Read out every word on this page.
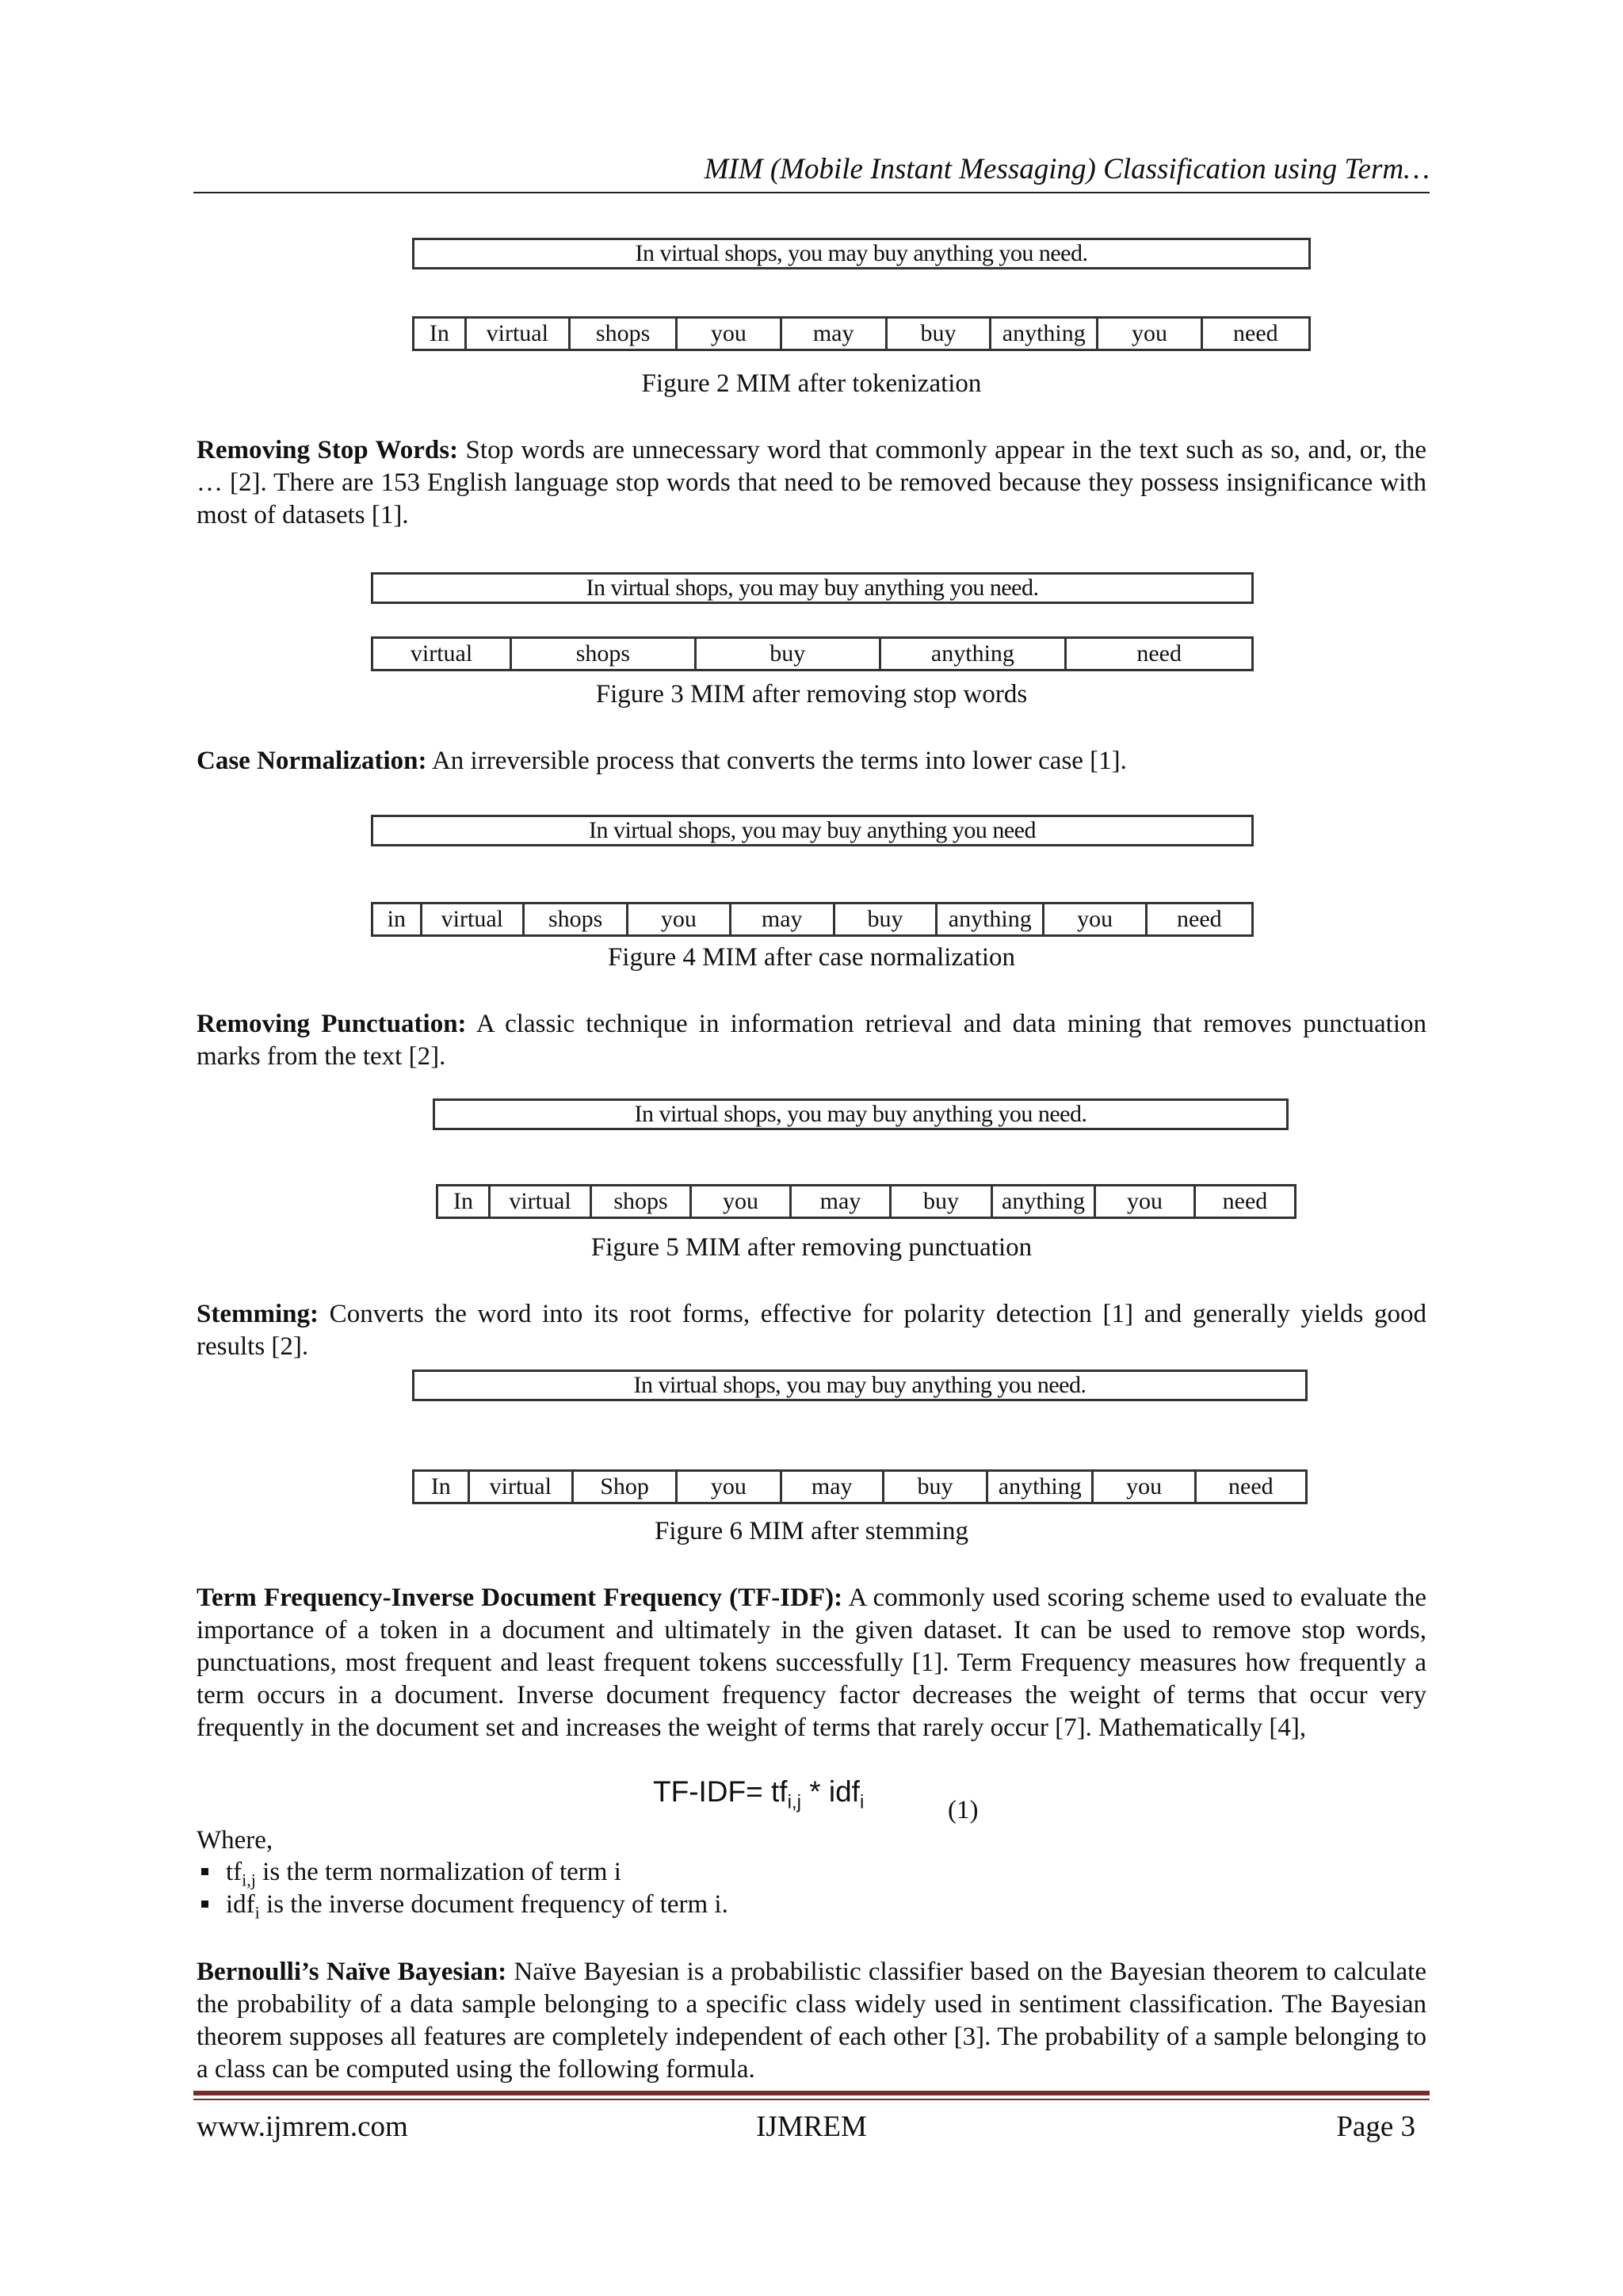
MIM (Mobile Instant Messaging) Classification using Term…
In virtual shops, you may buy anything you need.
In	virtual	shops	you	may	buy	anything	you	need
Figure 2 MIM after tokenization
Removing Stop Words: Stop words are unnecessary word that commonly appear in the text such as so, and, or, the … [2]. There are 153 English language stop words that need to be removed because they possess insignificance with most of datasets [1].
In virtual shops, you may buy anything you need.
virtual	shops	buy	anything	need
Figure 3 MIM after removing stop words
Case Normalization: An irreversible process that converts the terms into lower case [1].
In virtual shops, you may buy anything you need
in	virtual	shops	you	may	buy	anything	you	need
Figure 4 MIM after case normalization
Removing Punctuation: A classic technique in information retrieval and data mining that removes punctuation marks from the text [2].
In virtual shops, you may buy anything you need.
In	virtual	shops	you	may	buy	anything	you	need
Figure 5 MIM after removing punctuation
Stemming: Converts the word into its root forms, effective for polarity detection [1] and generally yields good results [2].
In virtual shops, you may buy anything you need.
In	virtual	Shop	you	may	buy	anything	you	need
Figure 6 MIM after stemming
Term Frequency-Inverse Document Frequency (TF-IDF): A commonly used scoring scheme used to evaluate the importance of a token in a document and ultimately in the given dataset. It can be used to remove stop words, punctuations, most frequent and least frequent tokens successfully [1]. Term Frequency measures how frequently a term occurs in a document. Inverse document frequency factor decreases the weight of terms that occur very frequently in the document set and increases the weight of terms that rarely occur [7]. Mathematically [4],
$TF-IDF= tf_{i,j} * idf_i$	(1)
Where,
$tf_{i,j}$ is the term normalization of term i
idf$_i$ is the inverse document frequency of term i.
Bernoulli’s Naïve Bayesian: Naïve Bayesian is a probabilistic classifier based on the Bayesian theorem to calculate the probability of a data sample belonging to a specific class widely used in sentiment classification. The Bayesian theorem supposes all features are completely independent of each other [3]. The probability of a sample belonging to a class can be computed using the following formula.
www.ijmrem.com	IJMREM	Page 3
